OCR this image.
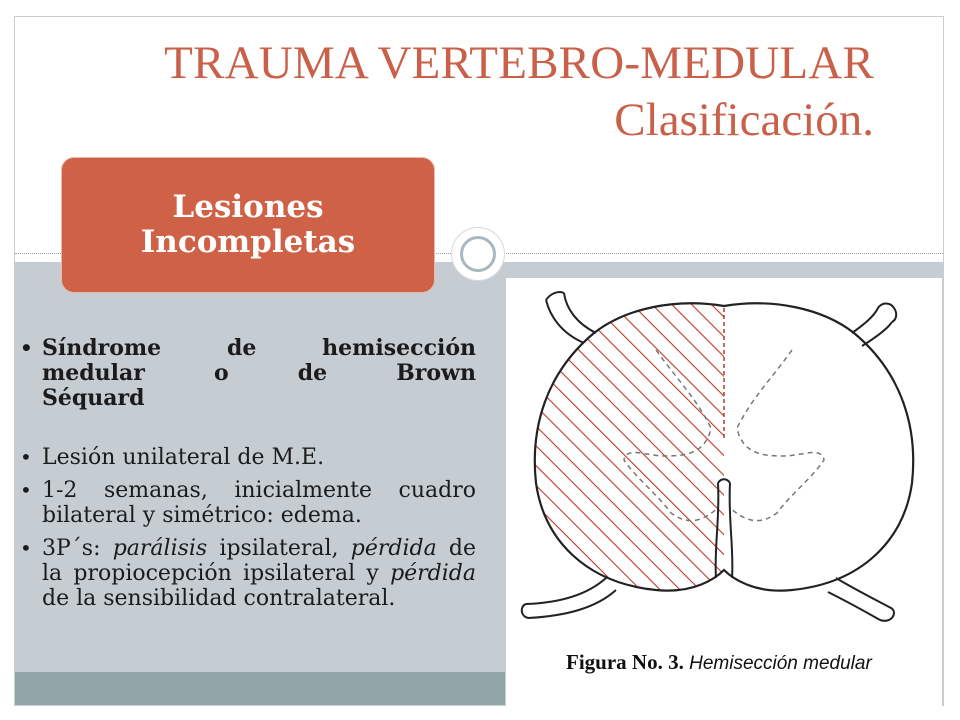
TRAUMA VERTEBRO-MEDULAR
Clasificación.
Lesiones Incompletas
• Síndrome de hemisección
medular o de Brown
Séquard
• Lesión unilateral de M.E.
• 1-2 semanas, inicialmente cuadro bilateral y simétrico: edema.
• 3P´s: parálisis ipsilateral, pérdida de la propiocepción ipsilateral y pérdida de la sensibilidad contralateral.
Figura No. 3. Hemisección medular
